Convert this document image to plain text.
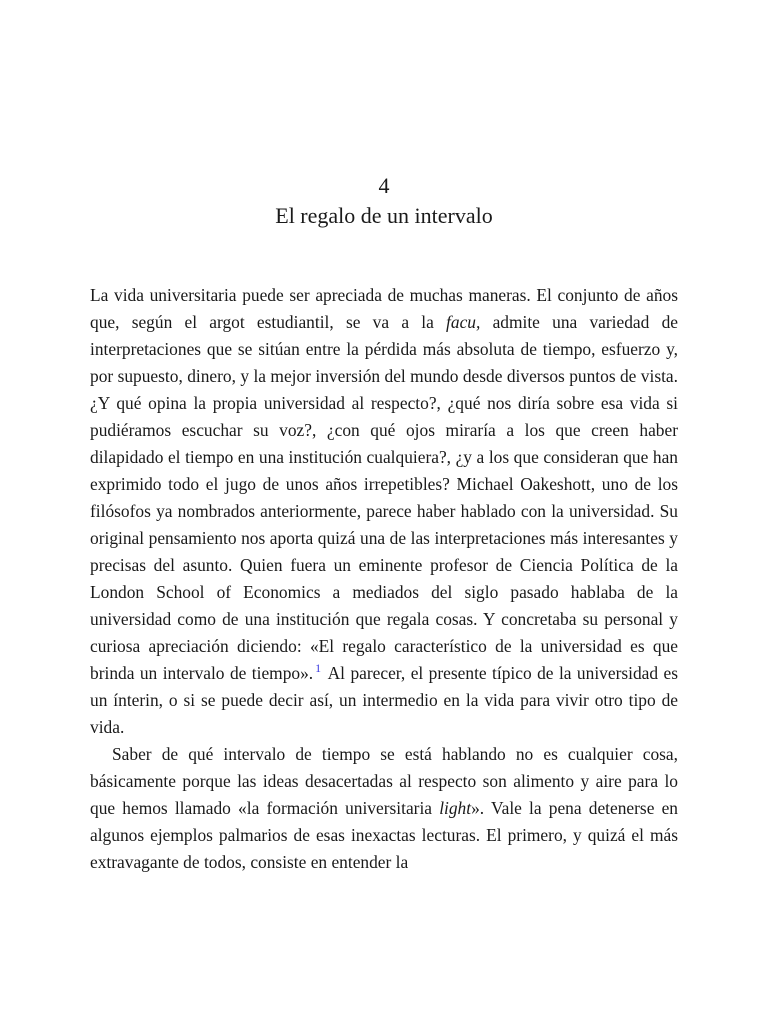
4
El regalo de un intervalo

La vida universitaria puede ser apreciada de muchas maneras. El conjunto de años que, según el argot estudiantil, se va a la facu, admite una variedad de interpretaciones que se sitúan entre la pérdida más absoluta de tiempo, esfuerzo y, por supuesto, dinero, y la mejor inversión del mundo desde diversos puntos de vista. ¿Y qué opina la propia universidad al respecto?, ¿qué nos diría sobre esa vida si pudiéramos escuchar su voz?, ¿con qué ojos miraría a los que creen haber dilapidado el tiempo en una institución cualquiera?, ¿y a los que consideran que han exprimido todo el jugo de unos años irrepetibles? Michael Oakeshott, uno de los filósofos ya nombrados anteriormente, parece haber hablado con la universidad. Su original pensamiento nos aporta quizá una de las interpretaciones más interesantes y precisas del asunto. Quien fuera un eminente profesor de Ciencia Política de la London School of Economics a mediados del siglo pasado hablaba de la universidad como de una institución que regala cosas. Y concretaba su personal y curiosa apreciación diciendo: «El regalo característico de la universidad es que brinda un intervalo de tiempo». $^1$ Al parecer, el presente típico de la universidad es un ínterin, o si se puede decir así, un intermedio en la vida para vivir otro tipo de vida.

Saber de qué intervalo de tiempo se está hablando no es cualquier cosa, básicamente porque las ideas desacertadas al respecto son alimento y aire para lo que hemos llamado «la formación universitaria light». Vale la pena detenerse en algunos ejemplos palmarios de esas inexactas lecturas. El primero, y quizá el más extravagante de todos, consiste en entender la
